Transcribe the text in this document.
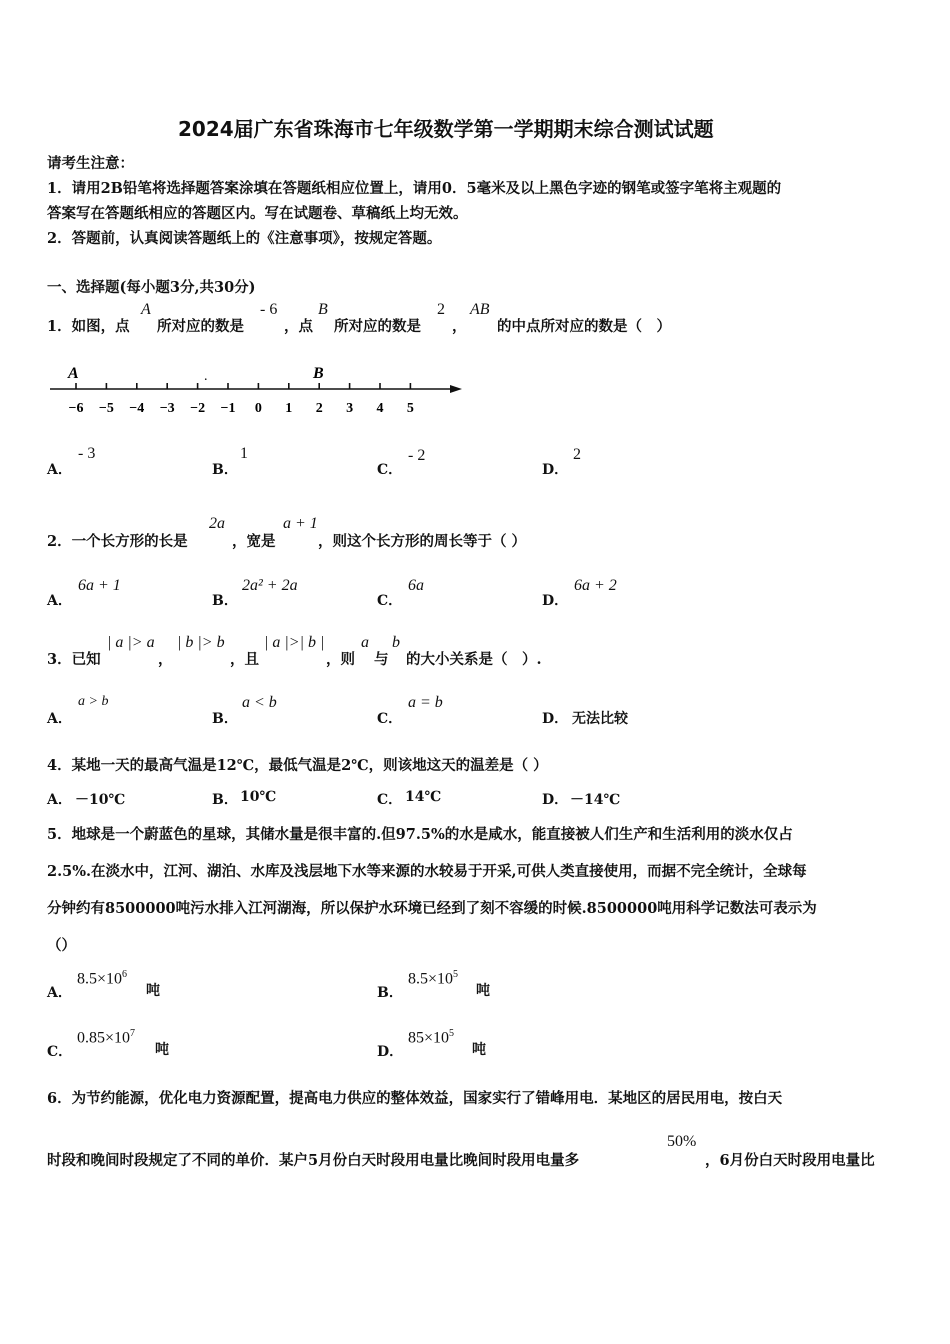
2024届广东省珠海市七年级数学第一学期期末综合测试试题
请考生注意：
1．请用2B铅笔将选择题答案涂填在答题纸相应位置上，请用0．5毫米及以上黑色字迹的钢笔或签字笔将主观题的
答案写在答题纸相应的答题区内。写在试题卷、草稿纸上均无效。
2．答题前，认真阅读答题纸上的《注意事项》，按规定答题。
一、选择题(每小题3分,共30分)
1．如图，点
A
所对应的数是
- 6
，点
B
所对应的数是
2
，
AB
的中点所对应的数是（　）
−6 −5 −4 −3 −2 −1 0 1 2 3 4 5
A	.	B
A．
- 3
B．
1
C．
- 2
D．
2
2．一个长方形的长是
2a
，宽是
a + 1
，则这个长方形的周长等于（ ）
A．
6a + 1
B．
2a² + 2a
C．
6a
D．
6a + 2
3．已知
| a |> a
，
| b |> b
，且
| a |>| b |
，则
a
与
b
的大小关系是（　）.
A．
a > b
B．
a < b
C．
a = b
D． 无法比较
4．某地一天的最高气温是12℃，最低气温是2℃，则该地这天的温差是（ ）
A． －10℃	B． 10℃	C． 14℃	D． －14℃
5．地球是一个蔚蓝色的星球，其储水量是很丰富的.但97.5%的水是咸水，能直接被人们生产和生活利用的淡水仅占
2.5%.在淡水中，江河、湖泊、水库及浅层地下水等来源的水较易于开采,可供人类直接使用，而据不完全统计，全球每
分钟约有8500000吨污水排入江河湖海，所以保护水环境已经到了刻不容缓的时候.8500000吨用科学记数法可表示为
（）
A．
$8.5\times 10^6$
吨	B．
$8.5\times 10^5$
吨
C．
$0.85\times 10^7$
吨	D．
$85\times 10^5$
吨
6．为节约能源，优化电力资源配置，提高电力供应的整体效益，国家实行了错峰用电．某地区的居民用电，按白天
时段和晚间时段规定了不同的单价．某户5月份白天时段用电量比晚间时段用电量多
50%
，6月份白天时段用电量比
